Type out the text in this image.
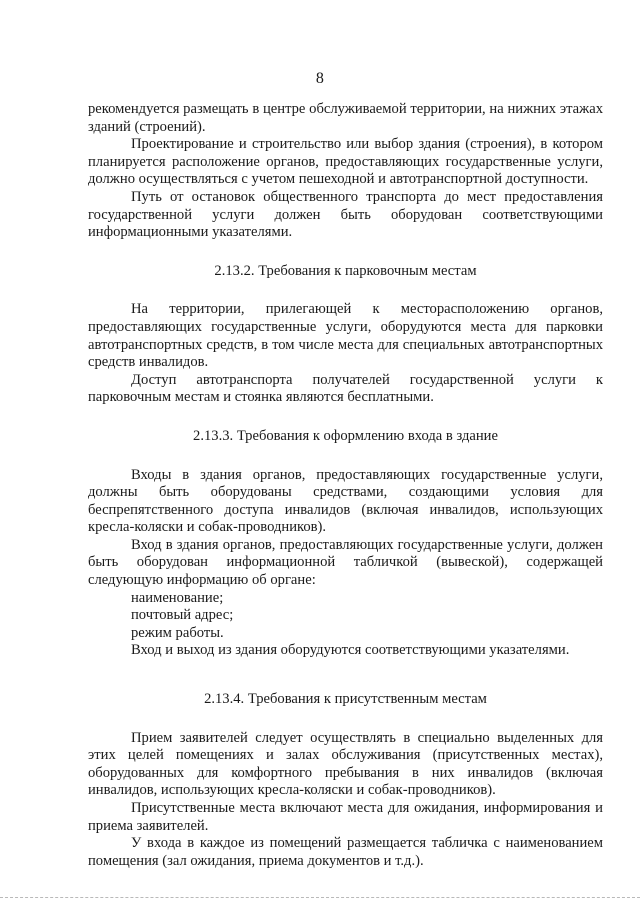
8

рекомендуется размещать в центре обслуживаемой территории, на нижних этажах зданий (строений).

Проектирование и строительство или выбор здания (строения), в котором планируется расположение органов, предоставляющих государственные услуги, должно осуществляться с учетом пешеходной и автотранспортной доступности.

Путь от остановок общественного транспорта до мест предоставления государственной услуги должен быть оборудован соответствующими информационными указателями.

2.13.2. Требования к парковочным местам

На территории, прилегающей к месторасположению органов, предоставляющих государственные услуги, оборудуются места для парковки автотранспортных средств, в том числе места для специальных автотранспортных средств инвалидов.

Доступ автотранспорта получателей государственной услуги к парковочным местам и стоянка являются бесплатными.

2.13.3. Требования к оформлению входа в здание

Входы в здания органов, предоставляющих государственные услуги, должны быть оборудованы средствами, создающими условия для беспрепятственного доступа инвалидов (включая инвалидов, использующих кресла-коляски и собак-проводников).

Вход в здания органов, предоставляющих государственные услуги, должен быть оборудован информационной табличкой (вывеской), содержащей следующую информацию об органе:

наименование;

почтовый адрес;

режим работы.

Вход и выход из здания оборудуются соответствующими указателями.

2.13.4. Требования к присутственным местам

Прием заявителей следует осуществлять в специально выделенных для этих целей помещениях и залах обслуживания (присутственных местах), оборудованных для комфортного пребывания в них инвалидов (включая инвалидов, использующих кресла-коляски и собак-проводников).

Присутственные места включают места для ожидания, информирования и приема заявителей.

У входа в каждое из помещений размещается табличка с наименованием помещения (зал ожидания, приема документов и т.д.).
